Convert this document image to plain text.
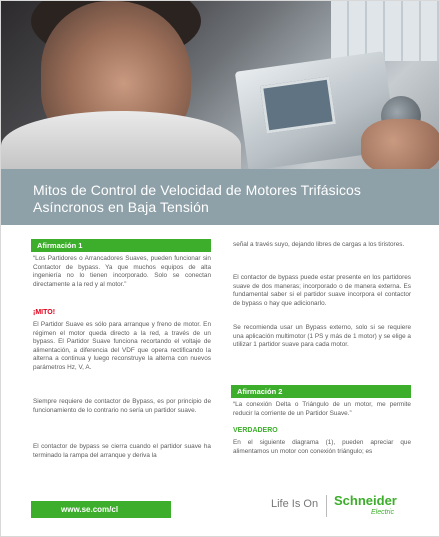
Mitos de Control de Velocidad de Motores Trifásicos
Asíncronos en Baja Tensión
Afirmación 1
“Los Partidores o Arrancadores Suaves, pueden funcionar sin Contactor de bypass. Ya que muchos equipos de alta ingeniería no lo tienen incorporado. Solo se conectan directamente a la red y al motor.”
¡MITO!
El Partidor Suave es sólo para arranque y freno de motor. En régimen el motor queda directo a la red, a través de un bypass. El Partidor Suave funciona recortando el voltaje de alimentación, a diferencia del VDF que opera rectificando la alterna a continua y luego reconstruye la alterna con nuevos parámetros Hz, V, A.
Siempre requiere de contactor de Bypass, es por principio de funcionamiento de lo contrario no sería un partidor suave.
El contactor de bypass se cierra cuando el partidor suave ha terminado la rampa del arranque y deriva la
señal a través suyo, dejando libres de cargas a los tiristores.
El contactor de bypass puede estar presente en los partidores suave de dos maneras; incorporado o de manera externa. Es fundamental saber si el partidor suave incorpora el contactor de bypass o hay que adicionarlo.
Se recomienda usar un Bypass externo, solo si se requiere una aplicación multimotor (1 PS y más de 1 motor) y se elige a utilizar 1 partidor suave para cada motor.
Afirmación 2
“La conexión Delta o Triángulo de un motor, me permite reducir la corriente de un Partidor Suave.”
VERDADERO
En el siguiente diagrama (1), pueden apreciar que alimentamos un motor con conexión triángulo; es
www.se.com/cl	Life Is On Schneider
Electric
